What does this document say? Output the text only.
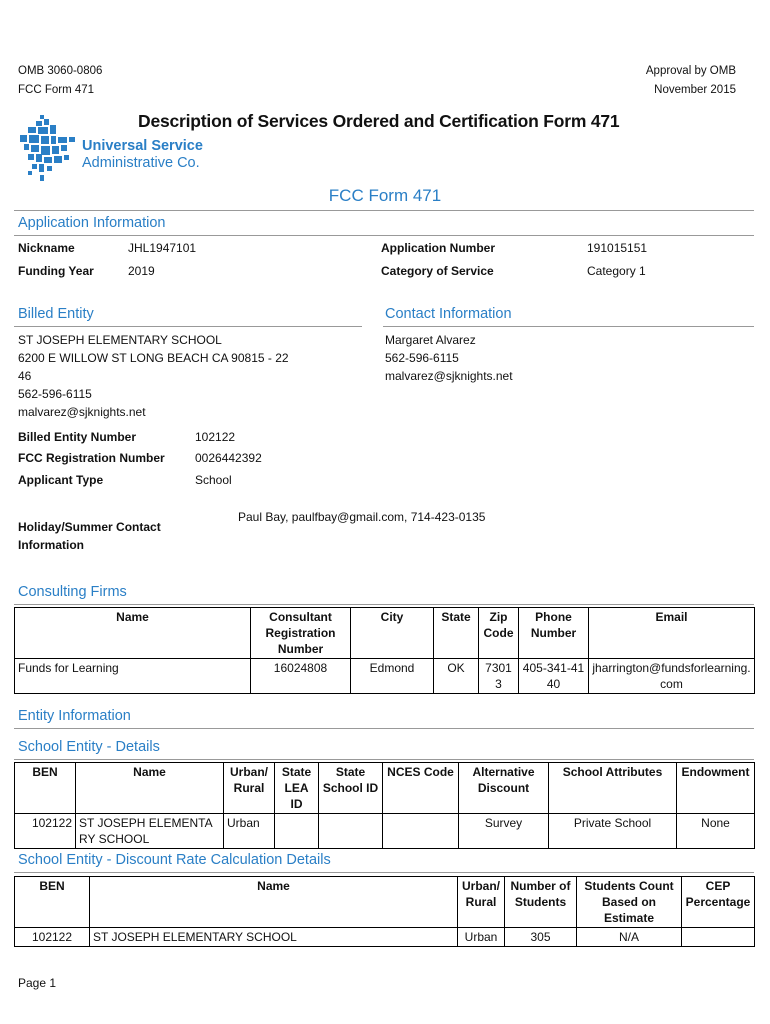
OMB 3060-0806
FCC Form 471
Approval by OMB
November 2015
Universal Service
Administrative Co.
Description of Services Ordered and Certification Form 471
FCC Form 471
Application Information
Nickname	JHL1947101	Application Number	191015151
Funding Year	2019	Category of Service	Category 1
Billed Entity	Contact Information
ST JOSEPH ELEMENTARY SCHOOL
6200 E WILLOW ST LONG BEACH CA 90815 - 22
46
562-596-6115
malvarez@sjknights.net
Margaret Alvarez
562-596-6115
malvarez@sjknights.net
Billed Entity Number	102122
FCC Registration Number	0026442392
Applicant Type	School
Holiday/Summer Contact
Information
Paul Bay, paulfbay@gmail.com, 714-423-0135
Consulting Firms
Name	Consultant Registration Number	City	State	Zip Code	Phone Number	Email
Funds for Learning	16024808	Edmond	OK	73013	405-341-4140	jharrington@fundsforlearning.com
Entity Information
School Entity - Details
BEN	Name	Urban/ Rural	State LEA ID	State School ID	NCES Code	Alternative Discount	School Attributes	Endowment
102122	ST JOSEPH ELEMENTARY SCHOOL	Urban				Survey	Private School	None
School Entity - Discount Rate Calculation Details
BEN	Name	Urban/ Rural	Number of Students	Students Count Based on Estimate	CEP Percentage
102122	ST JOSEPH ELEMENTARY SCHOOL	Urban	305	N/A	
Page 1
